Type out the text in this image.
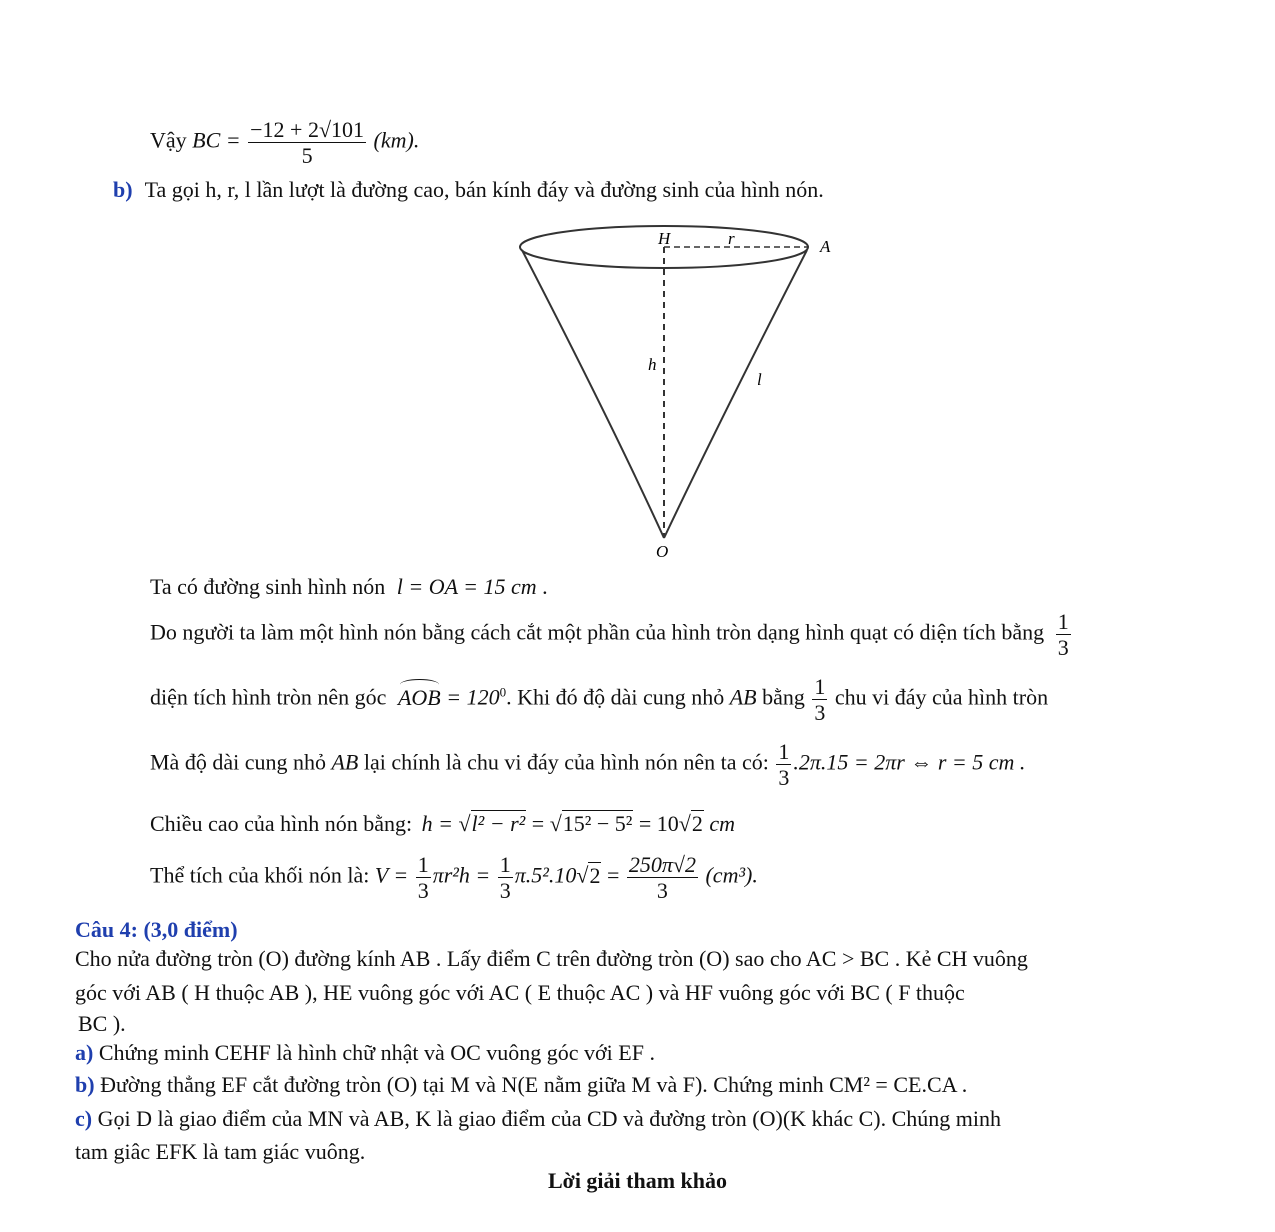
Vậy BC = $\frac{-12 + 2√101}{5} (km)$.
b) Ta gọi h, r, l lần lượt là đường cao, bán kính đáy và đường sinh của hình nón.
H	r	A
h
l
O
Ta có đường sinh hình nón l = OA = 15 cm .
Do người ta làm một hình nón bằng cách cắt một phần của hình tròn dạng hình quạt có diện tích bằng $\frac{1}{3}$
diện tích hình tròn nên góc AOB = $120^0$. Khi đó độ dài cung nhỏ AB bằng $\frac{1}{3}$ chu vi đáy của hình tròn
Mà độ dài cung nhỏ AB lại chính là chu vi đáy của hình nón nên ta có: $\frac{1}{3} .2\pi.15 = 2\pi r$ ⇔ r = 5 cm .
Chiều cao của hình nón bằng: h = √l² − r² = √15² − 5² = 10√2 cm
Thể tích của khối nón là: $V = \frac{1}{3} \pi r^2h = \frac{1}{3} \pi.5^2.10√2 = \frac{250\pi√2}{3} (cm^3)$.
Câu 4: (3,0 điểm)
Cho nửa đường tròn (O) đường kính AB . Lấy điểm C trên đường tròn (O) sao cho AC > BC . Kẻ CH vuông
góc với AB ( H thuộc AB ), HE vuông góc với AC ( E thuộc AC ) và HF vuông góc với BC ( F thuộc
BC ).
a) Chứng minh CEHF là hình chữ nhật và OC vuông góc với EF .
b) Đường thẳng EF cắt đường tròn (O) tại M và N(E nằm giữa M và F). Chứng minh CM² = CE.CA .
c) Gọi D là giao điểm của MN và AB, K là giao điểm của CD và đường tròn (O)(K khác C). Chúng minh
tam giâc EFK là tam giác vuông.
Lời giải tham khảo
